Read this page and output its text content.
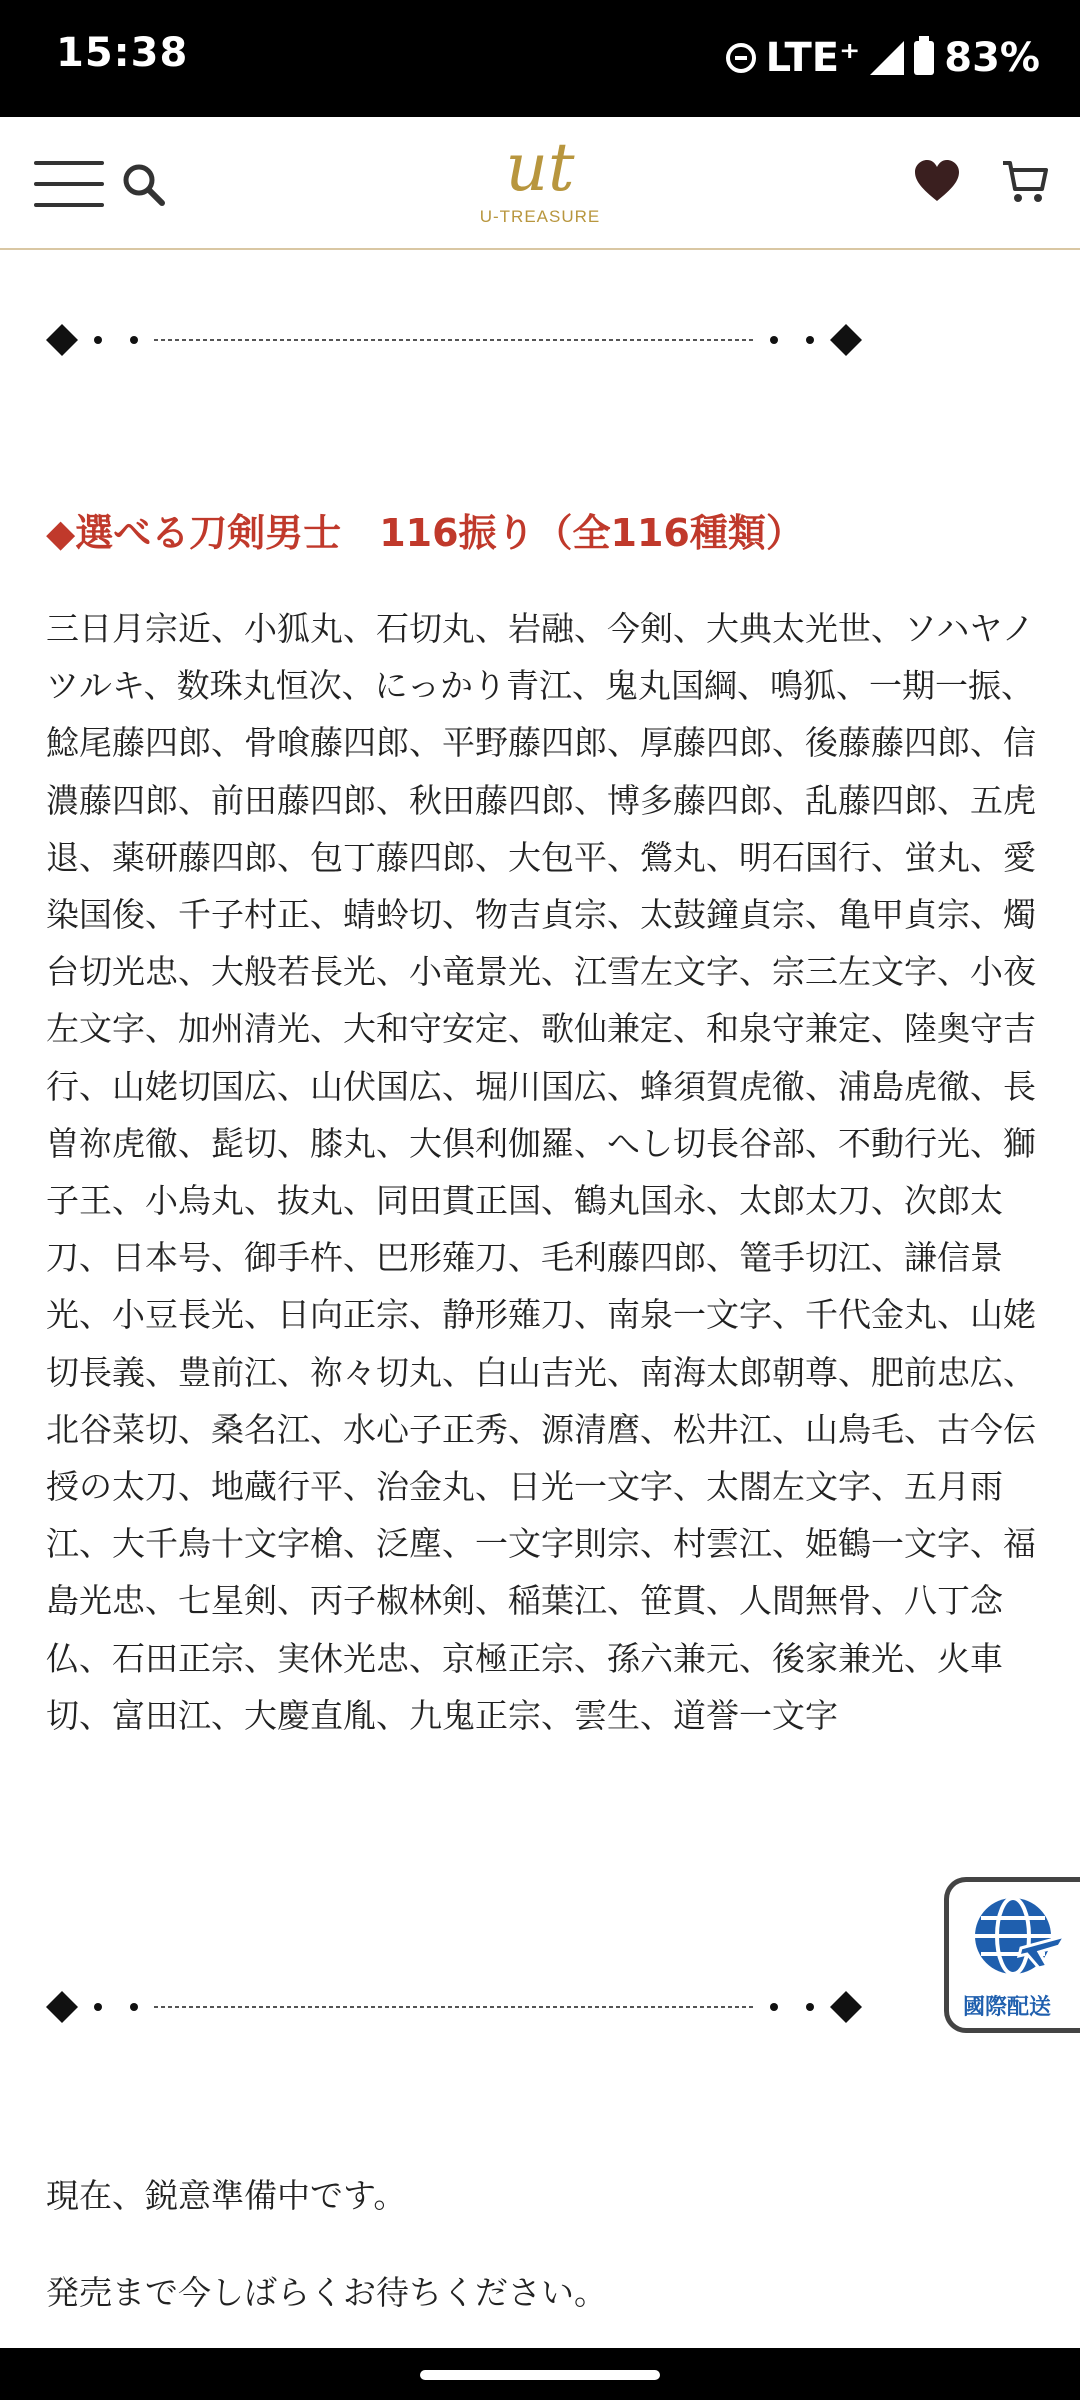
15:38	LTE⁺ 83%
ut
U-TREASURE
◆選べる刀剣男士　116振り（全116種類）
三日月宗近、小狐丸、石切丸、岩融、今剣、大典太光世、ソハヤノツルキ、数珠丸恒次、にっかり青江、鬼丸国綱、鳴狐、一期一振、鯰尾藤四郎、骨喰藤四郎、平野藤四郎、厚藤四郎、後藤藤四郎、信濃藤四郎、前田藤四郎、秋田藤四郎、博多藤四郎、乱藤四郎、五虎退、薬研藤四郎、包丁藤四郎、大包平、鶯丸、明石国行、蛍丸、愛染国俊、千子村正、蜻蛉切、物吉貞宗、太鼓鐘貞宗、亀甲貞宗、燭台切光忠、大般若長光、小竜景光、江雪左文字、宗三左文字、小夜左文字、加州清光、大和守安定、歌仙兼定、和泉守兼定、陸奥守吉行、山姥切国広、山伏国広、堀川国広、蜂須賀虎徹、浦島虎徹、長曽祢虎徹、髭切、膝丸、大倶利伽羅、へし切長谷部、不動行光、獅子王、小烏丸、抜丸、同田貫正国、鶴丸国永、太郎太刀、次郎太刀、日本号、御手杵、巴形薙刀、毛利藤四郎、篭手切江、謙信景光、小豆長光、日向正宗、静形薙刀、南泉一文字、千代金丸、山姥切長義、豊前江、祢々切丸、白山吉光、南海太郎朝尊、肥前忠広、北谷菜切、桑名江、水心子正秀、源清麿、松井江、山鳥毛、古今伝授の太刀、地蔵行平、治金丸、日光一文字、太閤左文字、五月雨江、大千鳥十文字槍、泛塵、一文字則宗、村雲江、姫鶴一文字、福島光忠、七星剣、丙子椒林剣、稲葉江、笹貫、人間無骨、八丁念仏、石田正宗、実休光忠、京極正宗、孫六兼元、後家兼光、火車切、富田江、大慶直胤、九鬼正宗、雲生、道誉一文字
現在、鋭意準備中です。
発売まで今しばらくお待ちください。
國際配送
